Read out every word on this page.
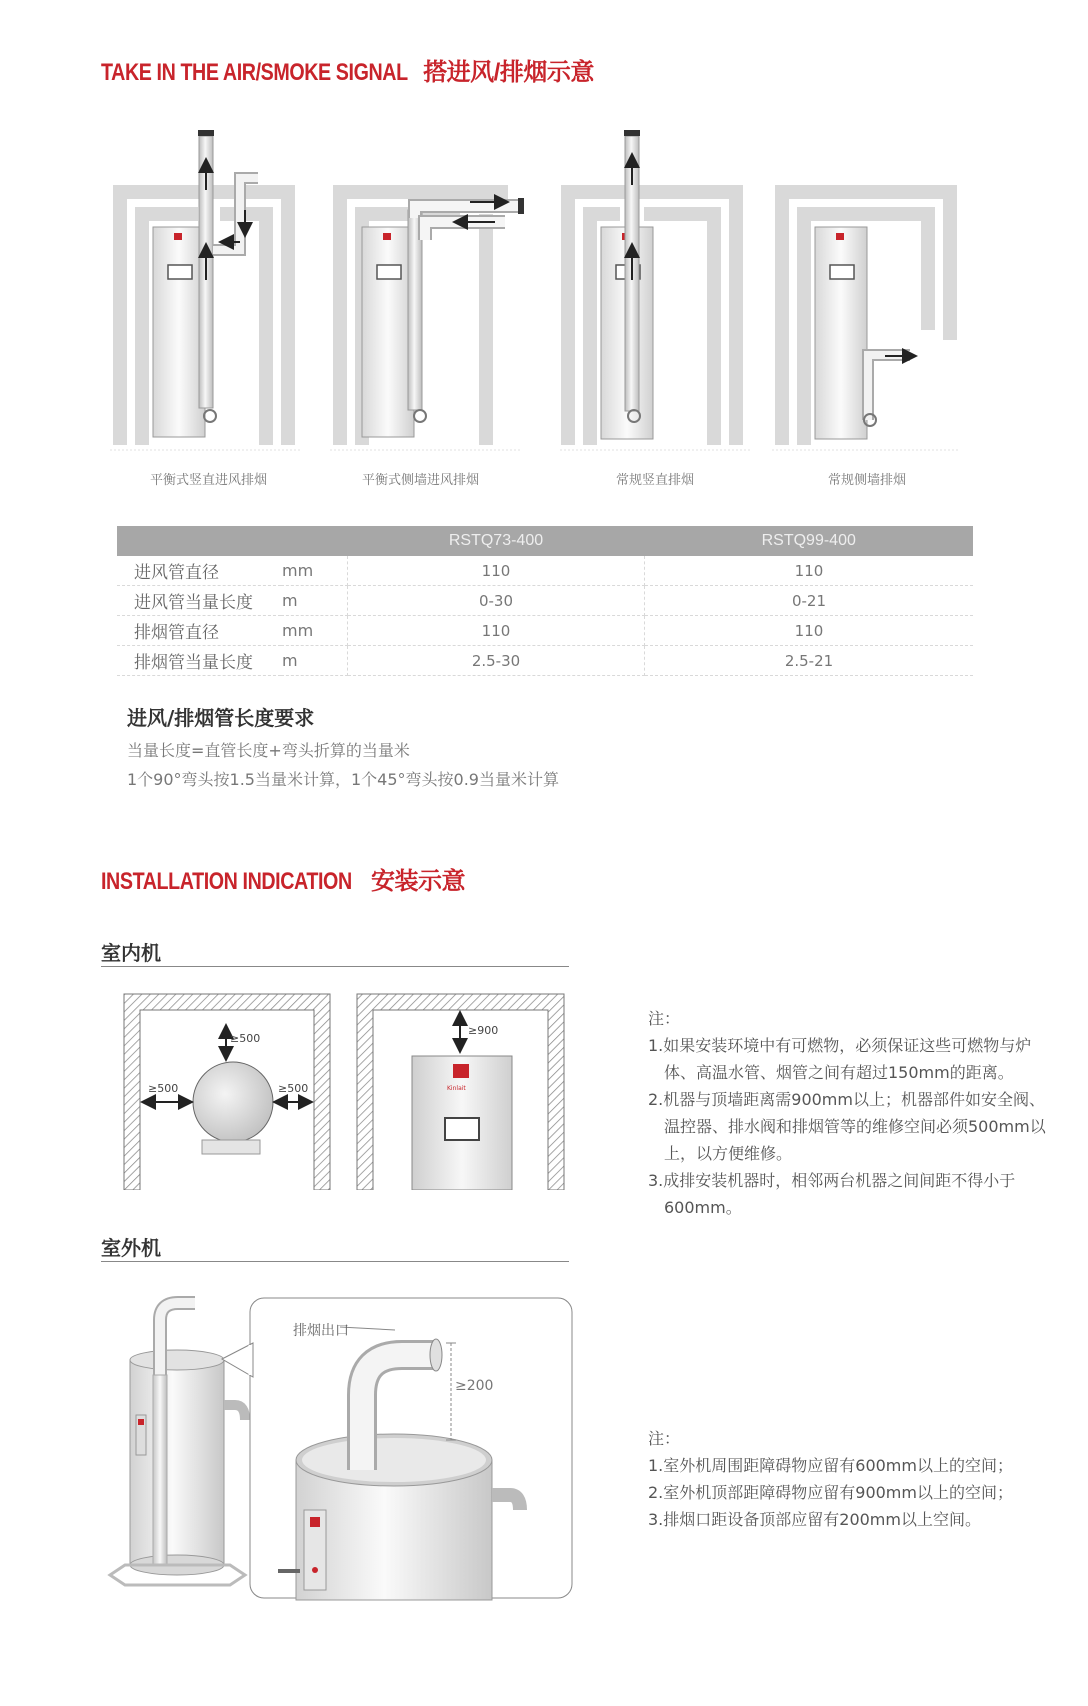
TAKE IN THE AIR/SMOKE SIGNAL 搭进风/排烟示意
平衡式竖直进风排烟	平衡式侧墙进风排烟	常规竖直排烟	常规侧墙排烟
		RSTQ73-400	RSTQ99-400
进风管直径	mm	110	110
进风管当量长度	m	0-30	0-21
排烟管直径	mm	110	110
排烟管当量长度	m	2.5-30	2.5-21
进风/排烟管长度要求
当量长度=直管长度+弯头折算的当量米
1个90°弯头按1.5当量米计算，1个45°弯头按0.9当量米计算
INSTALLATION INDICATION 安装示意
室内机
≥500
≥500	≥500	Kinlait
≥900
注：
1.如果安装环境中有可燃物，必须保证这些可燃物与炉体、高温水管、烟管之间有超过150mm的距离。
2.机器与顶墙距离需900mm以上；机器部件如安全阀、温控器、排水阀和排烟管等的维修空间必须500mm以上，以方便维修。
3.成排安装机器时，相邻两台机器之间间距不得小于600mm。
室外机
≥200
排烟出口
注：
1.室外机周围距障碍物应留有600mm以上的空间；
2.室外机顶部距障碍物应留有900mm以上的空间；
3.排烟口距设备顶部应留有200mm以上空间。
